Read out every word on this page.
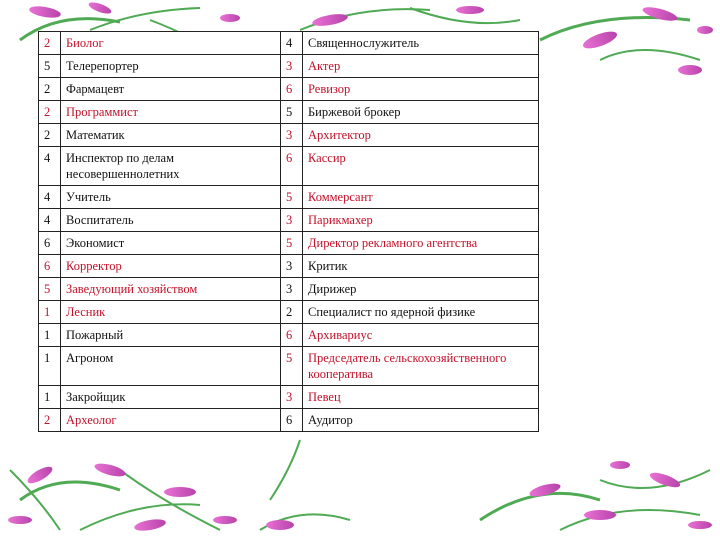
2	Биолог	4	Священнослужитель
5	Телерепортер	3	Актер
2	Фармацевт	6	Ревизор
2	Программист	5	Биржевой брокер
2	Математик	3	Архитектор
4	Инспектор по делам несовершеннолетних	6	Кассир
4	Учитель	5	Коммерсант
4	Воспитатель	3	Парикмахер
6	Экономист	5	Директор рекламного агентства
6	Корректор	3	Критик
5	Заведующий хозяйством	3	Дирижер
1	Лесник	2	Специалист по ядерной физике
1	Пожарный	6	Архивариус
1	Агроном	5	Председатель сельскохозяйственного кооператива
1	Закройщик	3	Певец
2	Археолог	6	Аудитор
